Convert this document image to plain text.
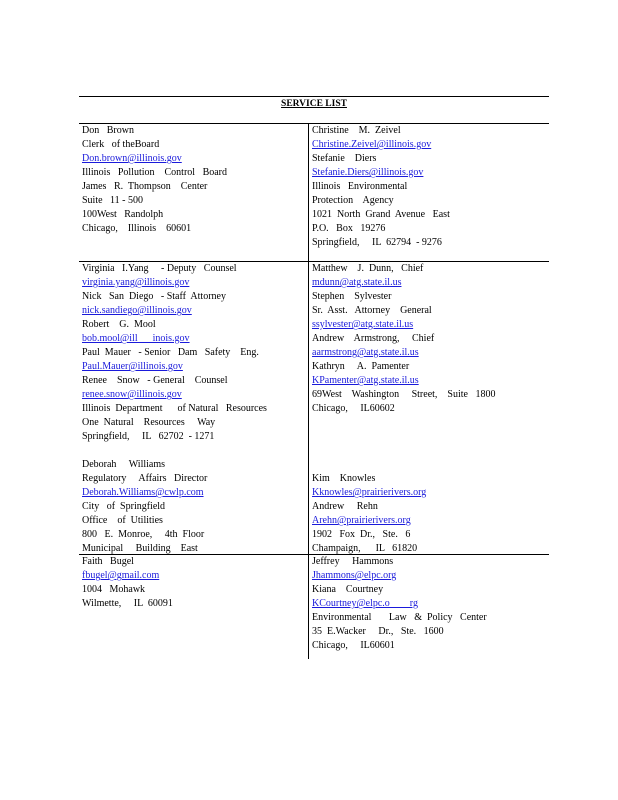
SERVICE LIST
Don   Brown
Clerk   of theBoard
Don.brown@illinois.gov
Illinois   Pollution    Control   Board
James   R.  Thompson    Center
Suite   11 - 500
100West   Randolph
Chicago,    Illinois    60601
Christine    M.  Zeivel
Christine.Zeivel@illinois.gov
Stefanie    Diers
Stefanie.Diers@illinois.gov
Illinois   Environmental
Protection    Agency
1021  North  Grand  Avenue   East
P.O.   Box   19276
Springfield,     IL  62794  - 9276
Virginia   I.Yang     - Deputy   Counsel
virginia.yang@illinois.gov
Nick   San  Diego   - Staff  Attorney
nick.sandiego@illinois.gov
Robert    G.  Mool
bob.mool@ill      inois.gov
Paul  Mauer   - Senior   Dam   Safety    Eng.
Paul.Mauer@illinois.gov
Renee    Snow   - General    Counsel
renee.snow@illinois.gov
Illinois  Department      of Natural   Resources
One  Natural    Resources     Way
Springfield,     IL   62702  - 1271
Deborah     Williams
Regulatory     Affairs   Director
Deborah.Williams@cwlp.com
City   of  Springfield
Office    of  Utilities
800   E.  Monroe,     4th  Floor
Municipal     Building    East
Matthew    J.  Dunn,   Chief
mdunn@atg.state.il.us
Stephen    Sylvester
Sr.  Asst.   Attorney    General
ssylvester@atg.state.il.us
Andrew    Armstrong,     Chief
aarmstrong@atg.state.il.us
Kathryn     A.  Pamenter
KPamenter@atg.state.il.us
69West    Washington     Street,    Suite   1800
Chicago,     IL60602
Kim    Knowles
Kknowles@prairierivers.org
Andrew     Rehn
Arehn@prairierivers.org
1902   Fox  Dr.,   Ste.   6
Champaign,      IL   61820
Faith   Bugel
fbugel@gmail.com
1004   Mohawk
Wilmette,     IL  60091
Jeffrey     Hammons
Jhammons@elpc.org
Kiana    Courtney
KCourtney@elpc.o        rg
Environmental       Law   &  Policy   Center
35  E.Wacker     Dr.,   Ste.   1600
Chicago,     IL60601
